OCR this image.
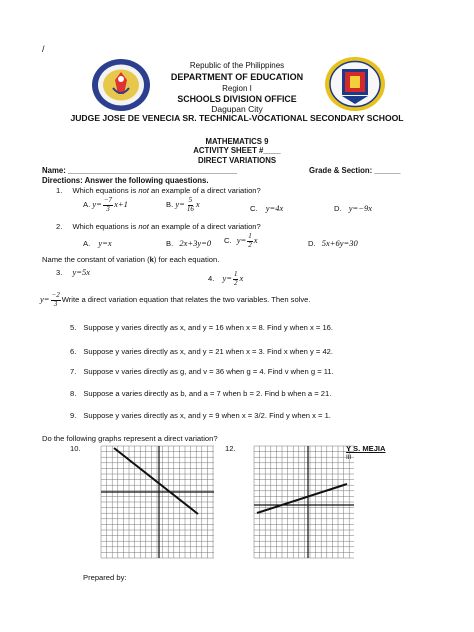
/
Republic of the Philippines
DEPARTMENT OF EDUCATION
Region I
SCHOOLS DIVISION OFFICE
Dagupan City
JUDGE JOSE DE VENECIA SR. TECHNICAL-VOCATIONAL SECONDARY SCHOOL
MATHEMATICS 9
ACTIVITY SHEET #____
DIRECT VARIATIONS
Name: _______________________________________	Grade & Section: ______
Directions: Answer the following quaestions.
1. Which equations is not an example of a direct variation?
A. $y= \frac{-7}{3} x+1$	B. $y= \frac{5}{16}$ x	C. y=4x	D. y=−9x
2. Which equations is not an example of a direct variation?
A. y=x	B. 2x+3y=0 C. $y= \frac{1}{2}$ x	D. 5x+6y=30
Name the constant of variation (k) for each equation.
3. y=5x
4. $y= \frac{1}{2}$ x
$y= \frac{-2}{3}$ Write a direct variation equation that relates the two variables. Then solve.
5. Suppose y varies directly as x, and y = 16 when x = 8. Find y when x = 16.
6. Suppose y varies directly as x, and y = 21 when x = 3. Find x when y = 42.
7. Suppose v varies directly as g, and v = 36 when g = 4. Find v when g = 11.
8. Suppose a varies directly as b, and a = 7 when b = 2. Find b when a = 21.
9. Suppose y varies directly as x, and y = 9 when x = 3/2. Find y when x = 1.
Do the following graphs represent a direct variation?
10.	12.	Y S. MEJIA
III
Prepared by:
